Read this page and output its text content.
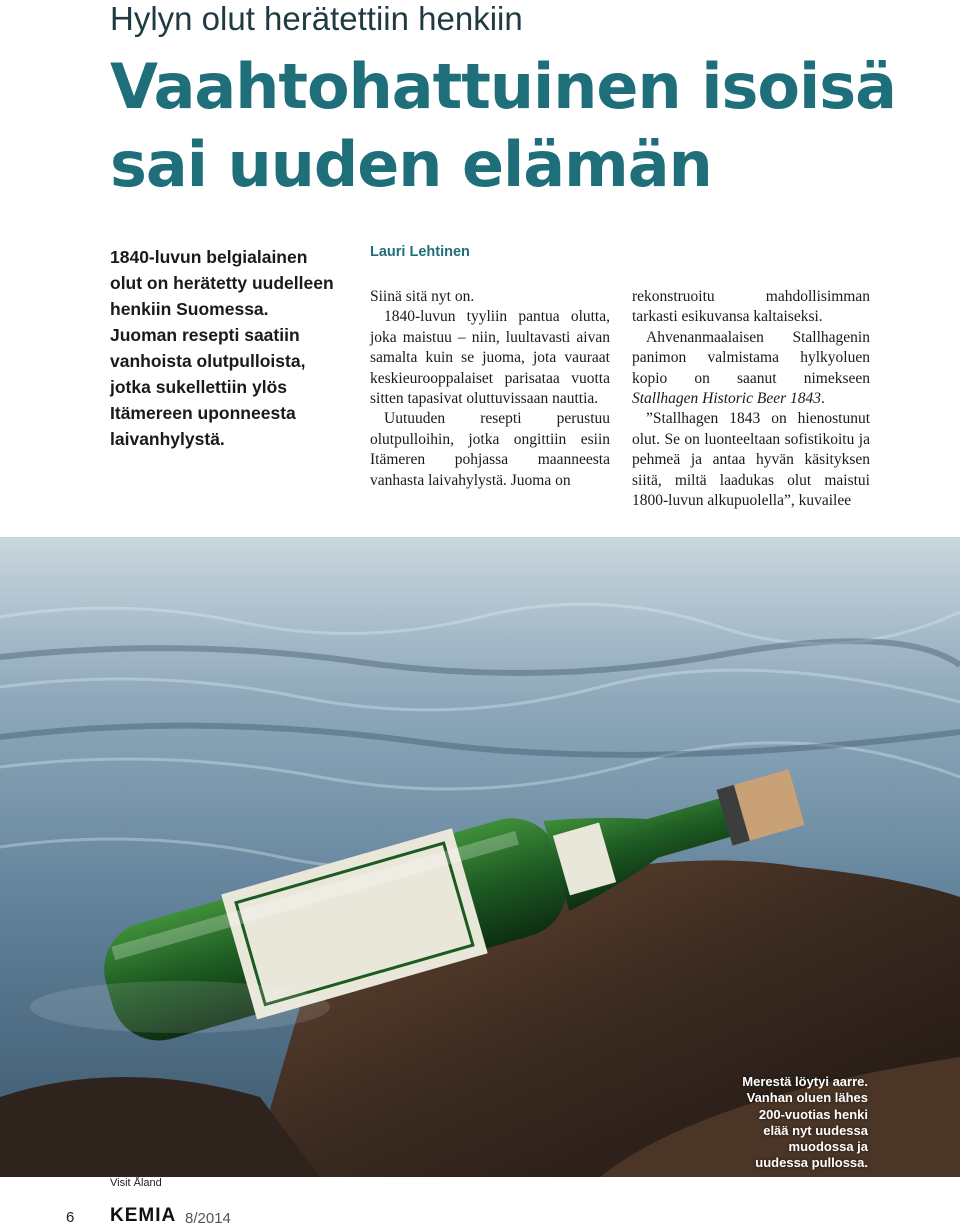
Hylyn olut herätettiin henkiin
Vaahtohattuinen isoisä
sai uuden elämän
1840-luvun belgialainen
olut on herätetty uudelleen
henkiin Suomessa.
Juoman resepti saatiin
vanhoista olutpulloista,
jotka sukellettiin ylös
Itämereen uponneesta
laivanhylystä.
Lauri Lehtinen

Siinä sitä nyt on.

1840-luvun tyyliin pantua olutta, joka maistuu – niin, luultavasti aivan samalta kuin se juoma, jota vauraat keskieurooppalaiset parisataa vuotta sitten tapasivat oluttuvissaan nauttia.

Uutuuden resepti perustuu olutpulloihin, jotka ongittiin esiin Itämeren pohjassa maanneesta vanhasta laivahylystä. Juoma on

rekonstruoitu mahdollisimman tarkasti esikuvansa kaltaiseksi.

Ahvenanmaalaisen Stallhagenin panimon valmistama hylkyoluen kopio on saanut nimekseen Stallhagen Historic Beer 1843.

”Stallhagen 1843 on hienostunut olut. Se on luonteeltaan sofistikoitu ja pehmeä ja antaa hyvän käsityksen siitä, miltä laadukas olut maistui 1800-luvun alkupuolella”, kuvailee

Merestä löytyi aarre.
Vanhan oluen lähes
200-vuotias henki
elää nyt uudessa
muodossa ja
uudessa pullossa.
Visit Åland
6 KEMIA 8/2014
